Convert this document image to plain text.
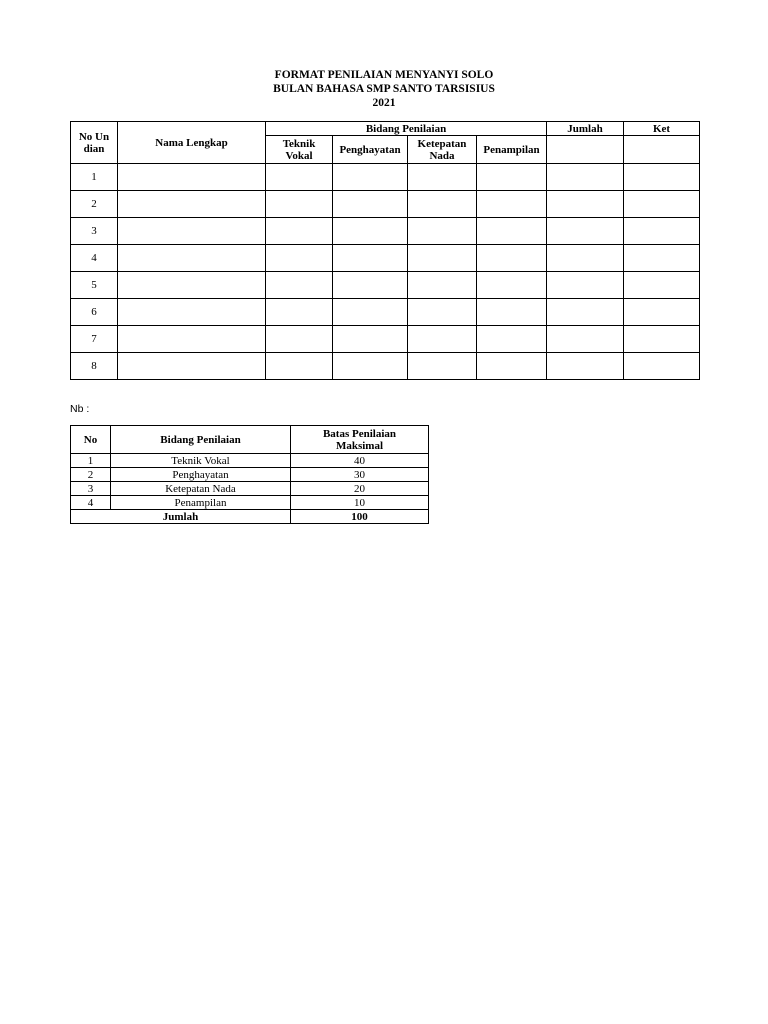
FORMAT PENILAIAN MENYANYI SOLO
BULAN BAHASA SMP SANTO TARSISIUS
2021
No Undian	Nama Lengkap	Bidang Penilaian				Jumlah	Ket
		Teknik Vokal	Penghayatan	Ketepatan Nada	Penampilan		
1							
2							
3							
4							
5							
6							
7							
8							
Nb :
No	Bidang Penilaian	Batas Penilaian Maksimal
1	Teknik Vokal	40
2	Penghayatan	30
3	Ketepatan Nada	20
4	Penampilan	10
Jumlah		100
